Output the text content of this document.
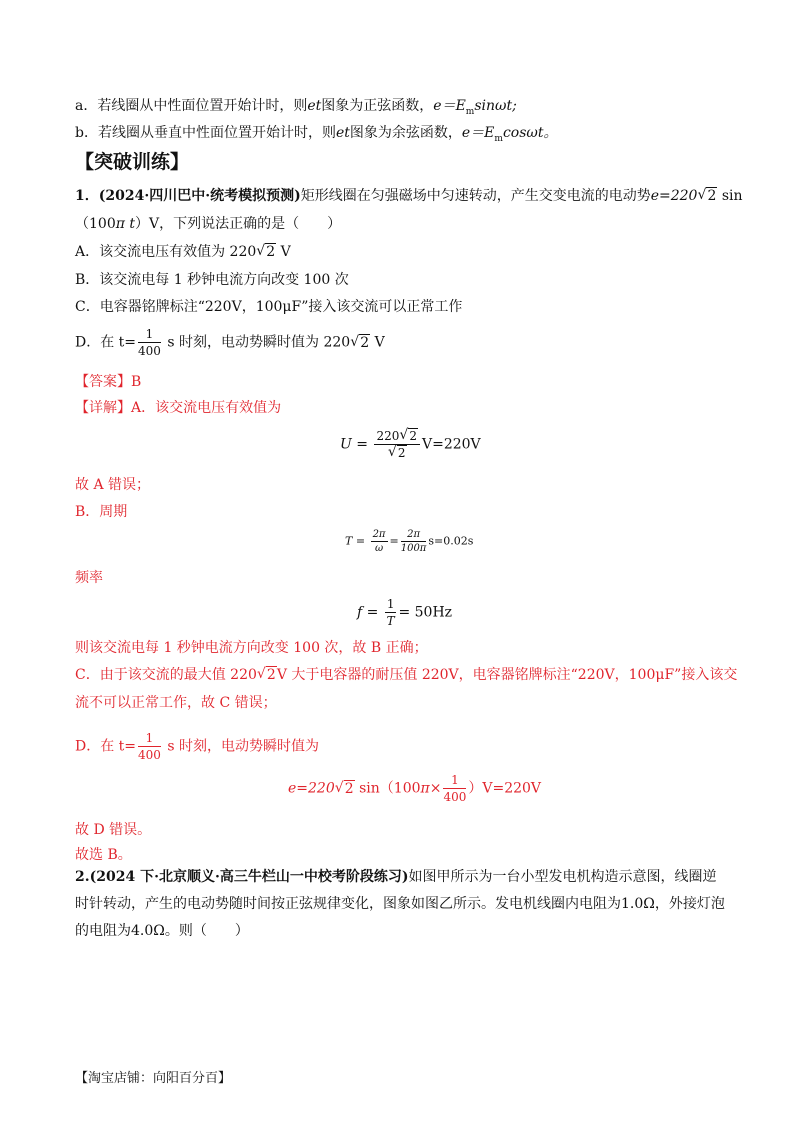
a．若线圈从中性面位置开始计时，则et图象为正弦函数，$e=E_m\sin\omega t$;
b．若线圈从垂直中性面位置开始计时，则et图象为余弦函数，$e=E_m\cos\omega t$。
【突破训练】
1．(2024·四川巴中·统考模拟预测)矩形线圈在匀强磁场中匀速转动，产生交变电流的电动势e=220 √ 2 sin
（100π t）V，下列说法正确的是（　　）
A．该交流电压有效值为 220 √ 2 V
B．该交流电每 1 秒钟电流方向改变 100 次
C．电容器铭牌标注“220V，100μF”接入该交流可以正常工作
D．在 $t= \frac{1}{400}$ s 时刻，电动势瞬时值为 220 √ 2 V
【答案】B
【详解】A．该交流电压有效值为
U = 220 √ 2
√ 2 V=220V
故 A 错误；
B．周期
$T = \frac{2\pi}{\omega} = \frac{2\pi}{100\pi} s=0.02s$
频率
$f = \frac{1}{T} = 50Hz$
则该交流电每 1 秒钟电流方向改变 100 次，故 B 正确；
C．由于该交流的最大值 220 √ 2V 大于电容器的耐压值 220V，电容器铭牌标注“220V，100μF”接入该交
流不可以正常工作，故 C 错误；
D．在 $t= \frac{1}{400}$ s 时刻，电动势瞬时值为
e=220 √ 2 $\sin(100\pi\times \frac{1}{400} )V=220V$
故 D 错误。
故选 B。
2.(2024 下·北京顺义·高三牛栏山一中校考阶段练习)如图甲所示为一台小型发电机构造示意图，线圈逆
时针转动，产生的电动势随时间按正弦规律变化，图象如图乙所示。发电机线圈内电阻为1.0Ω，外接灯泡
的电阻为4.0Ω。则（　　）
【淘宝店铺：向阳百分百】
